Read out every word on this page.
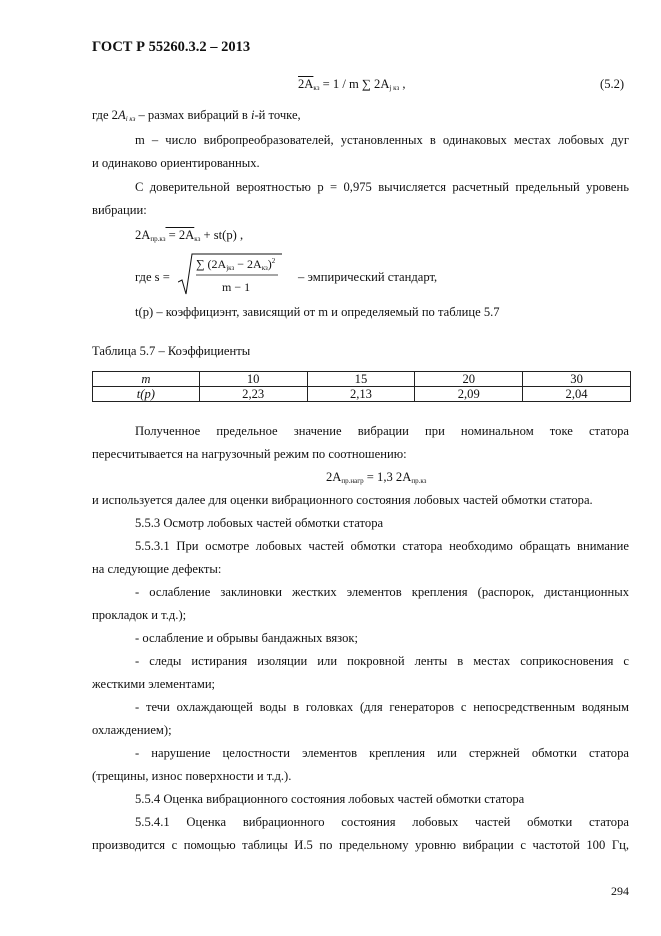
ГОСТ Р 55260.3.2 – 2013
$2A_{кз} = 1 / m$ ∑ $2A_{j кз}$ ,	(5.2)
где $2A_{i кз}$ – размах вибраций в i-й точке,
m – число вибропреобразователей, установленных в одинаковых местах лобовых дуг
и одинаково ориентированных.
С доверительной вероятностью p = 0,975 вычисляется расчетный предельный уровень
вибрации:
$2A_{пр.кз} = 2A_{кз} + st(p)$ ,
где s =
∑ $(2A_{jкз} - 2A_{кз})^2$
m − 1
– эмпирический стандарт,
t(p) – коэффициэнт, зависящий от m и определяемый по таблице 5.7
Таблица 5.7 – Коэффициенты
m	10	15	20	30
t(p)	2,23	2,13	2,09	2,04
Полученное предельное значение вибрации при номинальном токе статора
пересчитывается на нагрузочный режим по соотношению:
$2A_{пр.нагр} = 1,3$ $2A_{пр.кз}$
и используется далее для оценки вибрационного состояния лобовых частей обмотки статора.
5.5.3 Осмотр лобовых частей обмотки статора
5.5.3.1 При осмотре лобовых частей обмотки статора необходимо обращать внимание
на следующие дефекты:
- ослабление заклиновки жестких элементов крепления (распорок, дистанционных
прокладок и т.д.);
- ослабление и обрывы бандажных вязок;
- следы истирания изоляции или покровной ленты в местах соприкосновения с
жесткими элементами;
- течи охлаждающей воды в головках (для генераторов с непосредственным водяным
охлаждением);
- нарушение целостности элементов крепления или стержней обмотки статора
(трещины, износ поверхности и т.д.).
5.5.4 Оценка вибрационного состояния лобовых частей обмотки статора
5.5.4.1 Оценка вибрационного состояния лобовых частей обмотки статора
производится с помощью таблицы И.5 по предельному уровню вибрации с частотой 100 Гц,
294
